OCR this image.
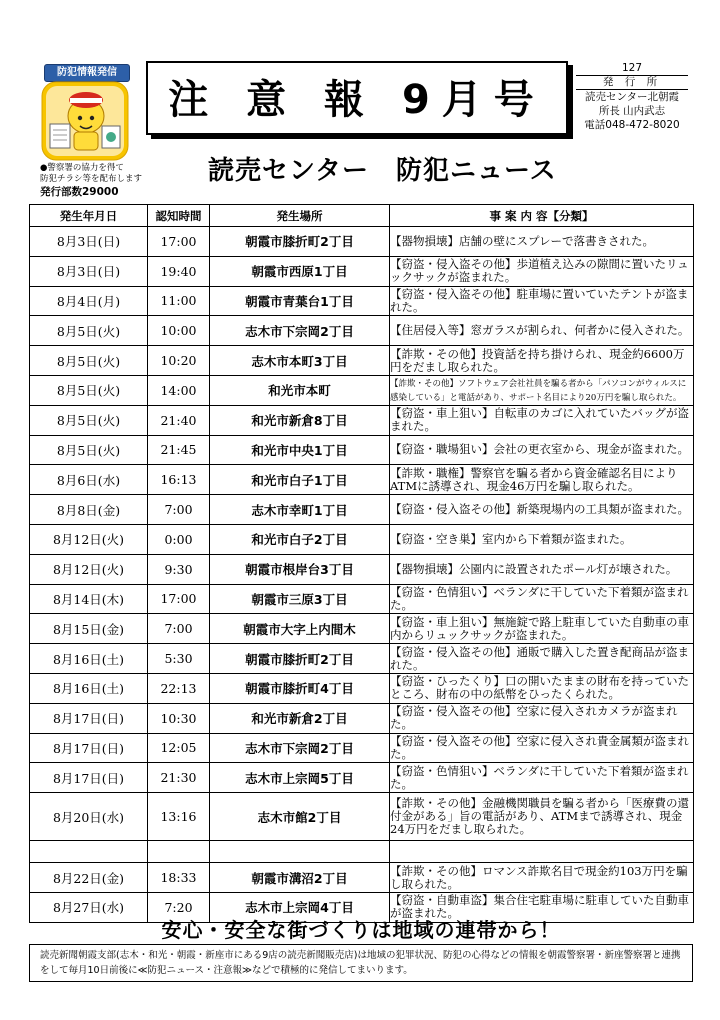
防犯情報発信
●警察署の協力を得て
防犯チラシ等を配布します
発行部数29000
注 意 報 9月号
127
発 行 所
読売センター北朝霞
所長 山内武志
電話048-472-8020
読売センター　防犯ニュース
発生年月日	認知時間	発生場所	事 案 内 容【分類】
8月3日(日)	17:00	朝霞市膝折町2丁目	【器物損壊】店舗の壁にスプレーで落書きされた。
8月3日(日)	19:40	朝霞市西原1丁目	【窃盗・侵入盗その他】歩道植え込みの隙間に置いたリュックサックが盗まれた。
8月4日(月)	11:00	朝霞市青葉台1丁目	【窃盗・侵入盗その他】駐車場に置いていたテントが盗まれた。
8月5日(火)	10:00	志木市下宗岡2丁目	【住居侵入等】窓ガラスが割られ、何者かに侵入された。
8月5日(火)	10:20	志木市本町3丁目	【詐欺・その他】投資話を持ち掛けられ、現金約6600万円をだまし取られた。
8月5日(火)	14:00	和光市本町	【詐欺・その他】ソフトウェア会社社員を騙る者から「パソコンがウィルスに感染している」と電話があり、サポート名目により20万円を騙し取られた。
8月5日(火)	21:40	和光市新倉8丁目	【窃盗・車上狙い】自転車のカゴに入れていたバッグが盗まれた。
8月5日(火)	21:45	和光市中央1丁目	【窃盗・職場狙い】会社の更衣室から、現金が盗まれた。
8月6日(水)	16:13	和光市白子1丁目	【詐欺・職権】警察官を騙る者から資金確認名目によりATMに誘導され、現金46万円を騙し取られた。
8月8日(金)	7:00	志木市幸町1丁目	【窃盗・侵入盗その他】新築現場内の工具類が盗まれた。
8月12日(火)	0:00	和光市白子2丁目	【窃盗・空き巣】室内から下着類が盗まれた。
8月12日(火)	9:30	朝霞市根岸台3丁目	【器物損壊】公園内に設置されたポール灯が壊された。
8月14日(木)	17:00	朝霞市三原3丁目	【窃盗・色情狙い】ベランダに干していた下着類が盗まれた。
8月15日(金)	7:00	朝霞市大字上内間木	【窃盗・車上狙い】無施錠で路上駐車していた自動車の車内からリュックサックが盗まれた。
8月16日(土)	5:30	朝霞市膝折町2丁目	【窃盗・侵入盗その他】通販で購入した置き配商品が盗まれた。
8月16日(土)	22:13	朝霞市膝折町4丁目	【窃盗・ひったくり】口の開いたままの財布を持っていたところ、財布の中の紙幣をひったくられた。
8月17日(日)	10:30	和光市新倉2丁目	【窃盗・侵入盗その他】空家に侵入されカメラが盗まれた。
8月17日(日)	12:05	志木市下宗岡2丁目	【窃盗・侵入盗その他】空家に侵入され貴金属類が盗まれた。
8月17日(日)	21:30	志木市上宗岡5丁目	【窃盗・色情狙い】ベランダに干していた下着類が盗まれた。
8月20日(水)	13:16	志木市館2丁目	【詐欺・その他】金融機関職員を騙る者から「医療費の還付金がある」旨の電話があり、ATMまで誘導され、現金24万円をだまし取られた。

8月22日(金)	18:33	朝霞市溝沼2丁目	【詐欺・その他】ロマンス詐欺名目で現金約103万円を騙し取られた。
8月27日(水)	7:20	志木市上宗岡4丁目	【窃盗・自動車盗】集合住宅駐車場に駐車していた自動車が盗まれた。
安心・安全な街づくりは地域の連帯から！
読売新聞朝霞支部(志木・和光・朝霞・新座市にある9店の読売新聞販売店)は地域の犯罪状況、防犯の心得などの情報を朝霞警察署・新座警察署と連携をして毎月10日前後に≪防犯ニュース・注意報≫などで積極的に発信してまいります。
